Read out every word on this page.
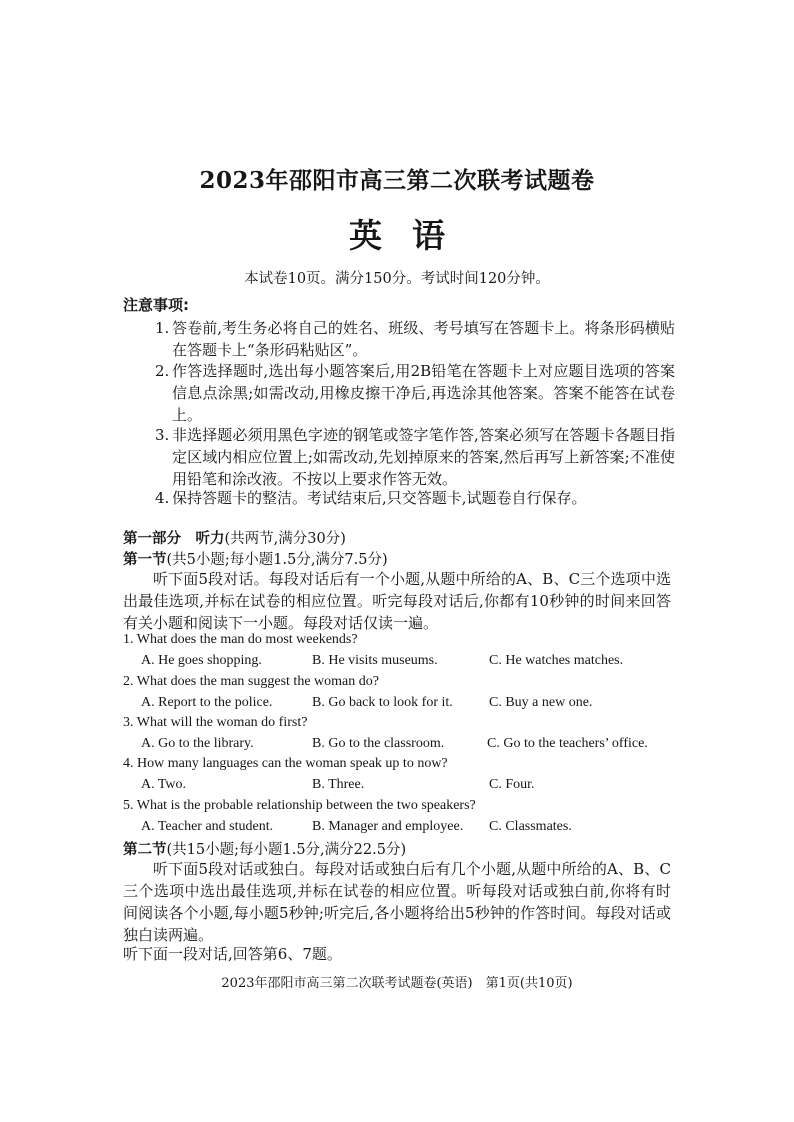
2023年邵阳市高三第二次联考试题卷
英语
本试卷10页。满分150分。考试时间120分钟。
注意事项:
1. 答卷前,考生务必将自己的姓名、班级、考号填写在答题卡上。将条形码横贴在答题卡上“条形码粘贴区”。
2. 作答选择题时,选出每小题答案后,用2B铅笔在答题卡上对应题目选项的答案信息点涂黑;如需改动,用橡皮擦干净后,再选涂其他答案。答案不能答在试卷上。
3. 非选择题必须用黑色字迹的钢笔或签字笔作答,答案必须写在答题卡各题目指定区域内相应位置上;如需改动,先划掉原来的答案,然后再写上新答案;不准使用铅笔和涂改液。不按以上要求作答无效。
4. 保持答题卡的整洁。考试结束后,只交答题卡,试题卷自行保存。
第一部分　听力(共两节,满分30分)
第一节(共5小题;每小题1.5分,满分7.5分)
听下面5段对话。每段对话后有一个小题,从题中所给的A、B、C三个选项中选出最佳选项,并标在试卷的相应位置。听完每段对话后,你都有10秒钟的时间来回答有关小题和阅读下一小题。每段对话仅读一遍。
1. What does the man do most weekends?
A. He goes shopping.	B. He visits museums.	C. He watches matches.
2. What does the man suggest the woman do?
A. Report to the police.	B. Go back to look for it.	C. Buy a new one.
3. What will the woman do first?
A. Go to the library.	B. Go to the classroom.	C. Go to the teachers’ office.
4. How many languages can the woman speak up to now?
A. Two.	B. Three.	C. Four.
5. What is the probable relationship between the two speakers?
A. Teacher and student.	B. Manager and employee. C. Classmates.
第二节(共15小题;每小题1.5分,满分22.5分)
听下面5段对话或独白。每段对话或独白后有几个小题,从题中所给的A、B、C三个选项中选出最佳选项,并标在试卷的相应位置。听每段对话或独白前,你将有时间阅读各个小题,每小题5秒钟;听完后,各小题将给出5秒钟的作答时间。每段对话或独白读两遍。
听下面一段对话,回答第6、7题。
2023年邵阳市高三第二次联考试题卷(英语)　第1页(共10页)
